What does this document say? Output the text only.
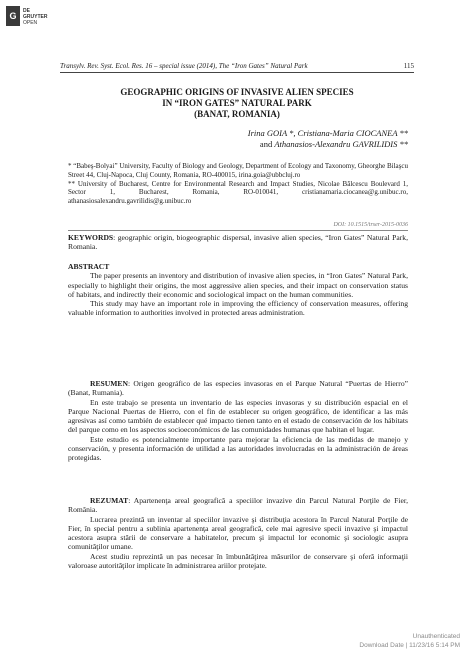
G DE
GRUYTER
OPEN
Transylv. Rev. Syst. Ecol. Res. 16 – special issue (2014), The “Iron Gates” Natural Park	115
GEOGRAPHIC ORIGINS OF INVASIVE ALIEN SPECIES
IN “IRON GATES” NATURAL PARK
(BANAT, ROMANIA)
Irina GOIA *, Cristiana-Maria CIOCANEA **
and Athanasios-Alexandru GAVRILIDIS **
* “Babeş-Bolyai” University, Faculty of Biology and Geology, Department of Ecology and Taxonomy, Gheorghe Bilaşcu Street 44, Cluj-Napoca, Cluj County, Romania, RO-400015, irina.goia@ubbcluj.ro
** University of Bucharest, Centre for Environmental Research and Impact Studies, Nicolae Bălcescu Boulevard 1, Sector 1, Bucharest, Romania, RO-010041, cristianamaria.ciocanea@g.unibuc.ro, athanasiosalexandru.gavrilidis@g.unibuc.ro
DOI: 10.1515/trser-2015-0036

KEYWORDS: geographic origin, biogeographic dispersal, invasive alien species, “Iron Gates” Natural Park, Romania.

ABSTRACT

The paper presents an inventory and distribution of invasive alien species, in “Iron Gates” Natural Park, especially to highlight their origins, the most aggressive alien species, and their impact on conservation status of habitats, and indirectly their economic and sociological impact on the human communities.

This study may have an important role in improving the efficiency of conservation measures, offering valuable information to authorities involved in protected areas administration.

RESUMEN: Origen geográfico de las especies invasoras en el Parque Natural “Puertas de Hierro” (Banat, Rumania).

En este trabajo se presenta un inventario de las especies invasoras y su distribución espacial en el Parque Nacional Puertas de Hierro, con el fin de establecer su origen geográfico, de identificar a las más agresivas así como también de establecer qué impacto tienen tanto en el estado de conservación de los hábitats del parque como en los aspectos socioeconómicos de las comunidades humanas que habitan el lugar.

Este estudio es potencialmente importante para mejorar la eficiencia de las medidas de manejo y conservación, y presenta información de utilidad a las autoridades involucradas en la administración de áreas protegidas.

REZUMAT: Apartenenţa areal geografică a speciilor invazive din Parcul Natural Porţile de Fier, România.

Lucrarea prezintă un inventar al speciilor invazive şi distribuţia acestora în Parcul Natural Porţile de Fier, în special pentru a sublinia apartenenţa areal geografică, cele mai agresive specii invazive şi impactul acestora asupra stării de conservare a habitatelor, precum şi impactul lor economic şi sociologic asupra comunităţilor umane.

Acest studiu reprezintă un pas necesar în îmbunătăţirea măsurilor de conservare şi oferă informaţii valoroase autorităţilor implicate în administrarea ariilor protejate.

Unauthenticated
Download Date | 11/23/16 5:14 PM
